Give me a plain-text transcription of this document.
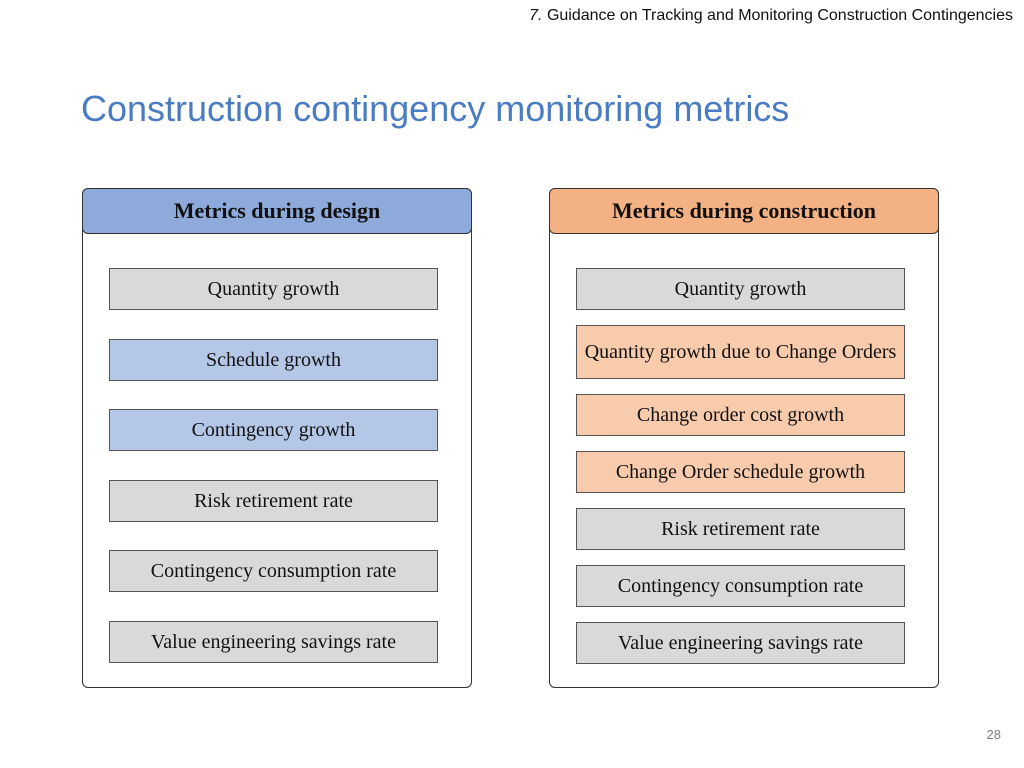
7. Guidance on Tracking and Monitoring Construction Contingencies
Construction contingency monitoring metrics
Metrics during design
Quantity growth
Schedule growth
Contingency growth
Risk retirement rate
Contingency consumption rate
Value engineering savings rate
Metrics during construction
Quantity growth
Quantity growth due to Change Orders
Change order cost growth
Change Order schedule growth
Risk retirement rate
Contingency consumption rate
Value engineering savings rate
28
